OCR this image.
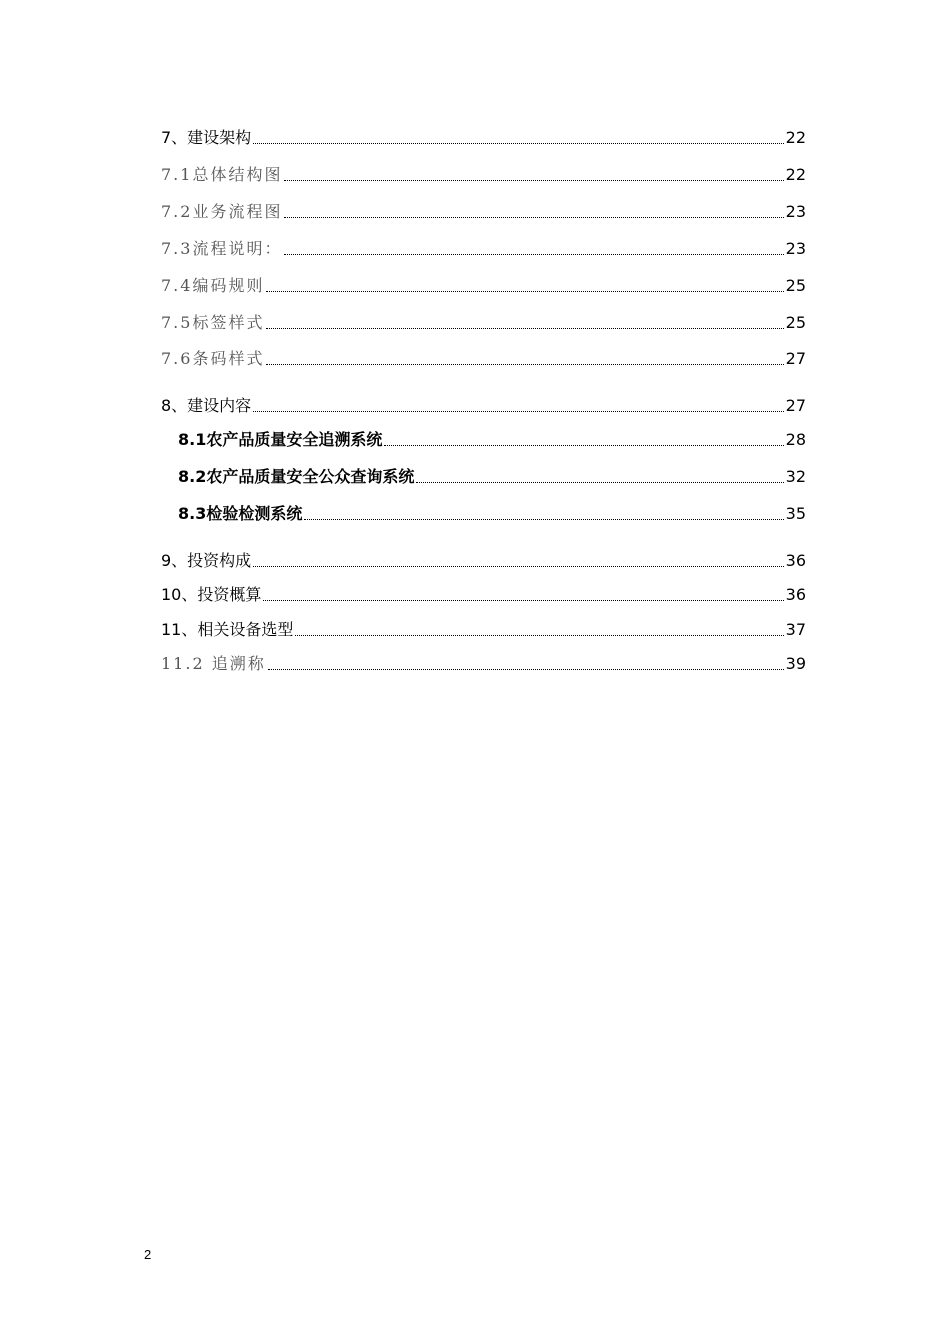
7、建设架构	22
7.1总体结构图	22
7.2业务流程图	23
7.3流程说明：	23
7.4编码规则	25
7.5标签样式	25
7.6条码样式	27
8、建设内容	27
8.1农产品质量安全追溯系统	28
8.2农产品质量安全公众查询系统	32
8.3检验检测系统	35
9、投资构成	36
10、投资概算	36
11、相关设备选型	37
11.2 追溯称	39
2
